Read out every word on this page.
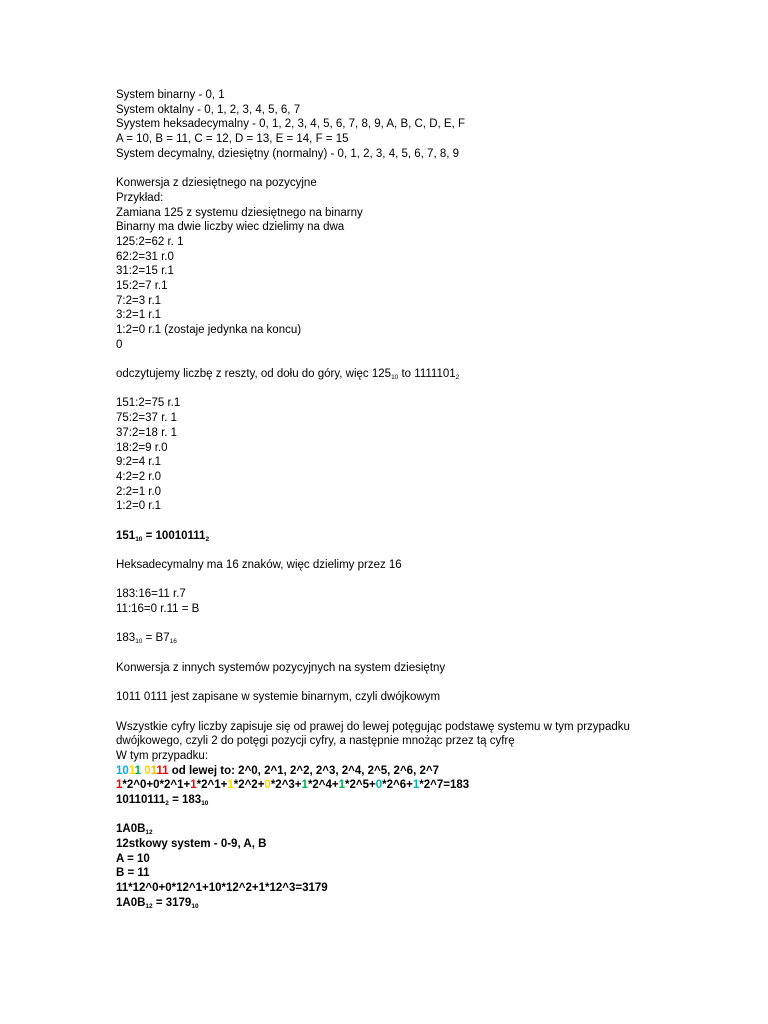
System binarny - 0, 1
System oktalny - 0, 1, 2, 3, 4, 5, 6, 7
Syystem heksadecymalny - 0, 1, 2, 3, 4, 5, 6, 7, 8, 9, A, B, C, D, E, F
A = 10, B = 11, C = 12, D = 13, E = 14, F = 15
System decymalny, dziesiętny (normalny) - 0, 1, 2, 3, 4, 5, 6, 7, 8, 9
Konwersja z dziesiętnego na pozycyjne
Przykład:
Zamiana 125 z systemu dziesiętnego na binarny
Binarny ma dwie liczby wiec dzielimy na dwa
125:2=62 r. 1
62:2=31 r.0
31:2=15 r.1
15:2=7 r.1
7:2=3 r.1
3:2=1 r.1
1:2=0 r.1 (zostaje jedynka na koncu)
0
odczytujemy liczbę z reszty, od dołu do góry, więc $125_{10}$ to $1111101_2$
151:2=75 r.1
75:2=37 r. 1
37:2=18 r. 1
18:2=9 r.0
9:2=4 r.1
4:2=2 r.0
2:2=1 r.0
1:2=0 r.1
$151_{10} = 10010111_2$
Heksadecymalny ma 16 znaków, więc dzielimy przez 16
183:16=11 r.7
11:16=0 r.11 = B
$183_{10} = B7_{16}$
Konwersja z innych systemów pozycyjnych na system dziesiętny
1011 0111 jest zapisane w systemie binarnym, czyli dwójkowym
Wszystkie cyfry liczby zapisuje się od prawej do lewej potęgując podstawę systemu w tym przypadku
dwójkowego, czyli 2 do potęgi pozycji cyfry, a następnie mnożąc przez tą cyfrę
W tym przypadku:
1011 0111 od lewej to: 2^0, 2^1, 2^2, 2^3, 2^4, 2^5, 2^6, 2^7
1*2^0+0*2^1+1*2^1+1*2^2+0*2^3+1*2^4+1*2^5+0*2^6+1*2^7=183
$10110111_2 = 183_{10}$
$1A0B_{12}$
12stkowy system - 0-9, A, B
A = 10
B = 11
11*12^0+0*12^1+10*12^2+1*12^3=3179
$1A0B_{12} = 3179_{10}$
